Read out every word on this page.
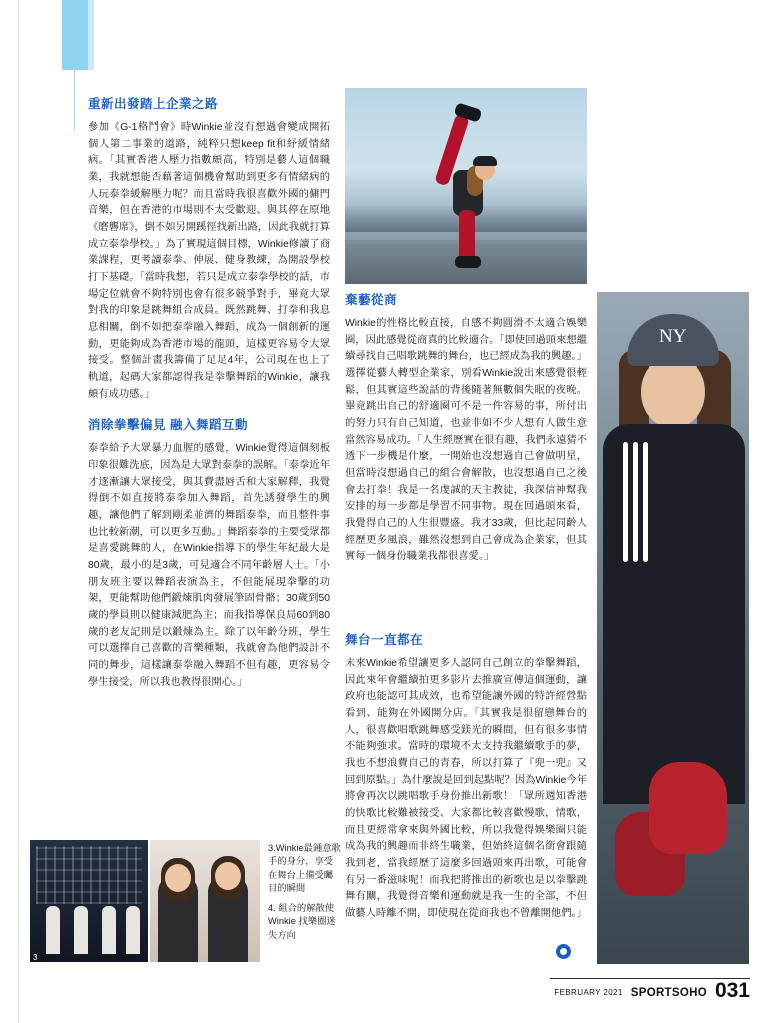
NY
3
3.Winkie最鍾意歌手的身分，享受在舞台上備受矚目的瞬間
4. 組合的解散使Winkie 找樂圈迷失方向
重新出發踏上企業之路

參加《G-1格鬥會》時Winkie並沒有想過會變成開拓個人第二事業的道路，純粹只想keep fit和紓緩情緒病。「其實香港人壓力指數頗高，特別是藝人這個職業，我就想能否藉著這個機會幫助到更多有情緒病的人玩泰拳緩解壓力呢？而且當時我很喜歡外國的傭門音樂，但在香港的市場則不太受歡迎、與其停在原地《磨礱席》，倒不如另開蹊徑找新出路，因此我就打算成立泰拳學校。」為了實現這個目標，Winkie修讀了商業課程，更考讀泰拳、伸展、健身教練，為開設學校打下基礎。「當時我想，若只是成立泰拳學校的話，市場定位就會不夠特別也會有很多競爭對手，畢竟大眾對我的印象是跳舞組合成員。既然跳舞、打拳和我息息相關，倒不如把泰拳融入舞蹈，成為一個創新的運動，更能夠成為香港市場的龍頭，這樣更容易令大眾接受。整個計畫我籌備了足足4年，公司現在也上了軌道，起碼大家都認得我是拳擊舞蹈的Winkie，讓我頗有成功感。」

消除拳擊偏見 融入舞蹈互動

泰拳給予大眾暴力血腥的感覺，Winkie覺得這個刻板印象很難洗底，因為是大眾對泰拳的誤解。「泰拳近年才逐漸讓大眾接受，與其費盡唇舌和大家解釋，我覺得倒不如直接將泰拳加入舞蹈，首先誘發學生的興趣，讓他們了解到剛柔並濟的舞蹈泰拳，而且整件事也比較新潮，可以更多互動。」舞蹈泰拳的主要受眾都是喜愛跳舞的人，在Winkie指導下的學生年紀最大是80歲，最小的是3歲，可見適合不同年齡層人士。「小朋友班主要以舞蹈表演為主，不但能展現拳擊的功架，更能幫助他們鍛煉肌肉發展筆固骨骼；30歲到50歲的學員則以健康減肥為主；而我指導保良局60到80歲的老友記則是以鍛煉為主。除了以年齡分班，學生可以選擇自己喜歡的音樂種類，我就會為他們設計不同的舞步，這樣讓泰拳融入舞蹈不但有趣，更容易令學生接受，所以我也教得很開心。」

棄藝從商

Winkie的性格比較直接，自感不夠圓滑不太適合娛樂圈，因此感覺從商真的比較適合。「即使回過頭來想繼續尋找自己唱歌跳舞的舞台，也已經成為我的興趣。」選擇從藝人轉型企業家，別看Winkie說出來感覺很輕鬆，但其實這些說話的背後隨著無數個失眠的夜晚。畢竟跳出自己的舒適圈可不是一件容易的事，所付出的努力只有自己知道，也並非如不少人想有人做生意當然容易成功。「人生經歷實在很有趣，我們永遠猜不透下一步機是什麼，一開始也沒想過自己會做明星，但當時沒想過自己的組合會解散，也沒想過自己之後會去打拳！我是一名虔誠的天主教徒，我深信神幫我安排的每一步都是學習不同事物。現在回過頭來看，我覺得自己的人生很豐盛。我才33歲，但比起同齡人經歷更多風浪，雖然沒想到自己會成為企業家，但其實每一個身份職業我都很喜愛。」

舞台一直都在

未來Winkie希望讓更多人認同自己創立的拳擊舞蹈，因此來年會繼續拍更多影片去推廣宣傳這個運動，讓政府也能認可其成效，也希望能讓外國的特許經營點看到、能夠在外國開分店。「其實我是很留戀舞台的人，很喜歡唱歌跳舞感受鎂光的瞬間，但有很多事情不能夠強求。當時的環境不太支持我繼續歌手的夢，我也不想浪費自己的青春，所以打算了『兜一兜』又回到原點。」為什麼說是回到起點呢？因為Winkie今年將會再次以跳唱歌手身份推出新歌！「眾所週知香港的快歌比較難被接受、大家都比較喜歡慢歌，情歌，而且更經常拿來與外國比較，所以我覺得娛樂圈只能成為我的興趣而非終生職業，但始終這個名銜會跟隨我到老，當我經歷了這麼多回過頭來再出歌，可能會有另一番滋味呢！而我把將推出的新歌也是以拳擊跳舞有關，我覺得音樂和運動就是我一生的全部，不但做藝人時離不開，即使現在從商我也不曾離開他們。」

FEBRUARY 2021 SPORTSOHO 031
